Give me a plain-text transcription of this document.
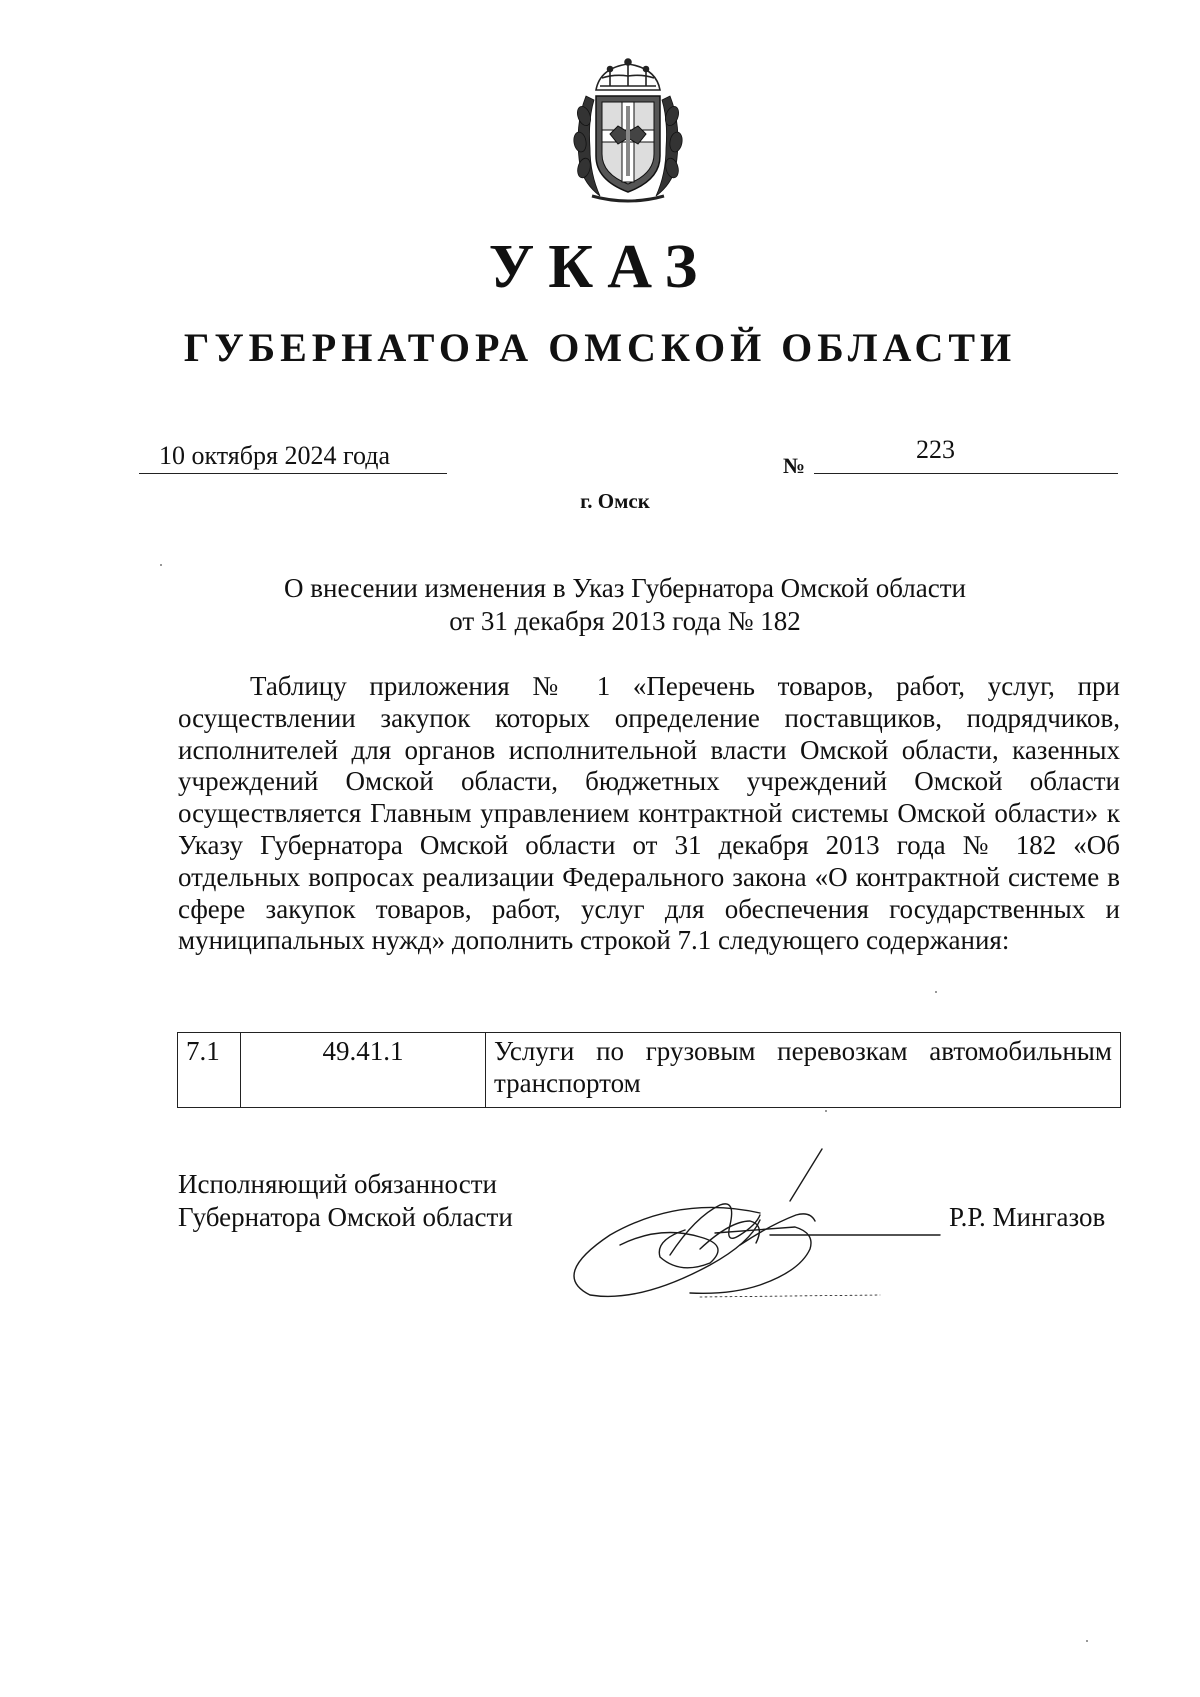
УКАЗ
ГУБЕРНАТОРА ОМСКОЙ ОБЛАСТИ
10 октября 2024 года	№
223
г. Омск
О внесении изменения в Указ Губернатора Омской области
от 31 декабря 2013 года № 182

Таблицу приложения № 1 «Перечень товаров, работ, услуг, при осуществлении закупок которых определение поставщиков, подрядчиков, исполнителей для органов исполнительной власти Омской области, казенных учреждений Омской области, бюджетных учреждений Омской области осуществляется Главным управлением контрактной системы Омской области» к Указу Губернатора Омской области от 31 декабря 2013 года № 182 «Об отдельных вопросах реализации Федерального закона «О контрактной системе в сфере закупок товаров, работ, услуг для обеспечения государственных и муниципальных нужд» дополнить строкой 7.1 следующего содержания:

7.1	49.41.1	Услуги по грузовым перевозкам автомобильным транспортом
Исполняющий обязанности
Губернатора Омской области	Р.Р. Мингазов
